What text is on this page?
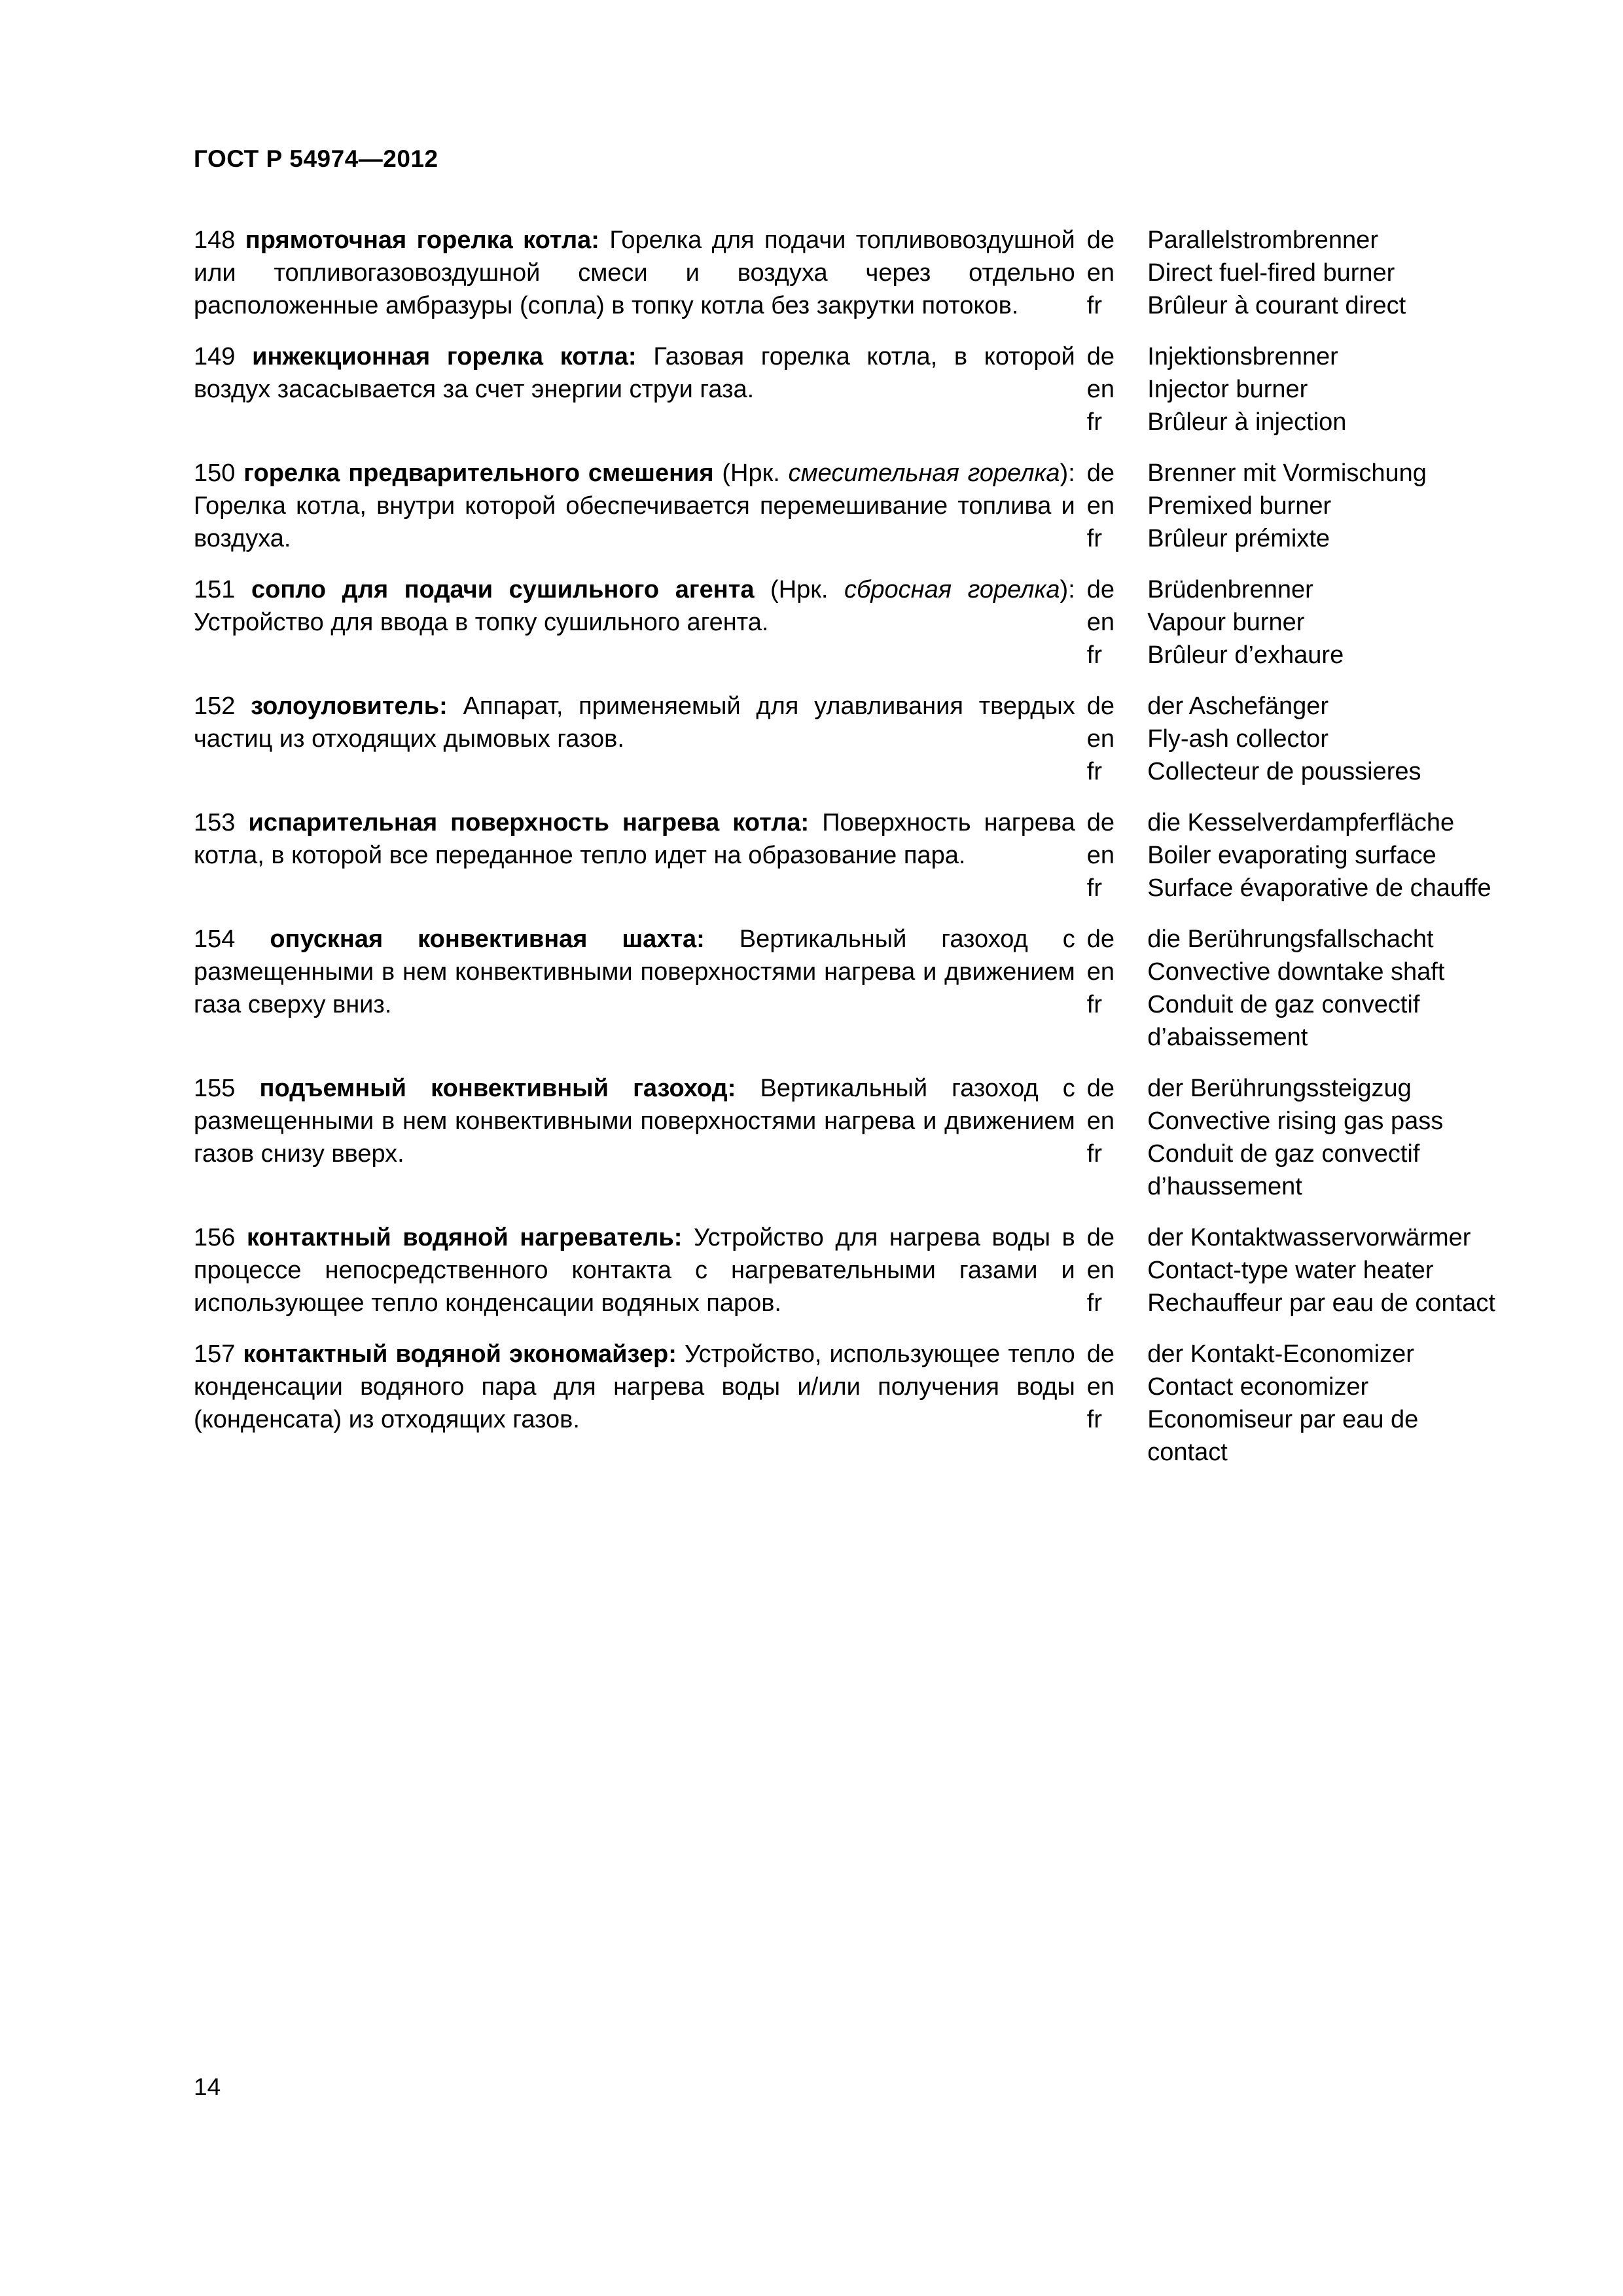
ГОСТ Р 54974—2012
148 прямоточная горелка котла: Горелка для подачи топливовоздушной или топливогазовоздушной смеси и воздуха через отдельно расположенные амбразуры (сопла) в топку котла без закрутки потоков.
de
en
fr
Parallelstrombrenner
Direct fuel-fired burner
Brûleur à courant direct
149 инжекционная горелка котла: Газовая горелка котла, в которой воздух засасывается за счет энергии струи газа.
de
en
fr
Injektionsbrenner
Injector burner
Brûleur à injection
150 горелка предварительного смешения (Нрк. смесительная горелка): Горелка котла, внутри которой обеспечивается перемешивание топлива и воздуха.
de
en
fr
Brenner mit Vormischung
Premixed burner
Brûleur prémixte
151 сопло для подачи сушильного агента (Нрк. сбросная горелка): Устройство для ввода в топку сушильного агента.
de
en
fr
Brüdenbrenner
Vapour burner
Brûleur d’exhaure
152 золоуловитель: Аппарат, применяемый для улавливания твердых частиц из отходящих дымовых газов.
de
en
fr
der Aschefänger
Fly-ash collector
Collecteur de poussieres
153 испарительная поверхность нагрева котла: Поверхность нагрева котла, в которой все переданное тепло идет на образование пара.
de
en
fr
die Kesselverdampferfläche
Boiler evaporating surface
Surface évaporative de chauffe
154 опускная конвективная шахта: Вертикальный газоход с размещенными в нем конвективными поверхностями нагрева и движением газа сверху вниз.
de
en
fr
die Berührungsfallschacht
Convective downtake shaft
Conduit de gaz convectif d’abaissement
155 подъемный конвективный газоход: Вертикальный газоход с размещенными в нем конвективными поверхностями нагрева и движением газов снизу вверх.
de
en
fr
der Berührungssteigzug
Convective rising gas pass
Conduit de gaz convectif d’haussement
156 контактный водяной нагреватель: Устройство для нагрева воды в процессе непосредственного контакта с нагревательными газами и использующее тепло конденсации водяных паров.
de
en
fr
der Kontaktwasservorwärmer
Contact-type water heater
Rechauffeur par eau de contact
157 контактный водяной экономайзер: Устройство, использующее тепло конденсации водяного пара для нагрева воды и/или получения воды (конденсата) из отходящих газов.
de
en
fr
der Kontakt-Economizer
Contact economizer
Economiseur par eau de contact
14
